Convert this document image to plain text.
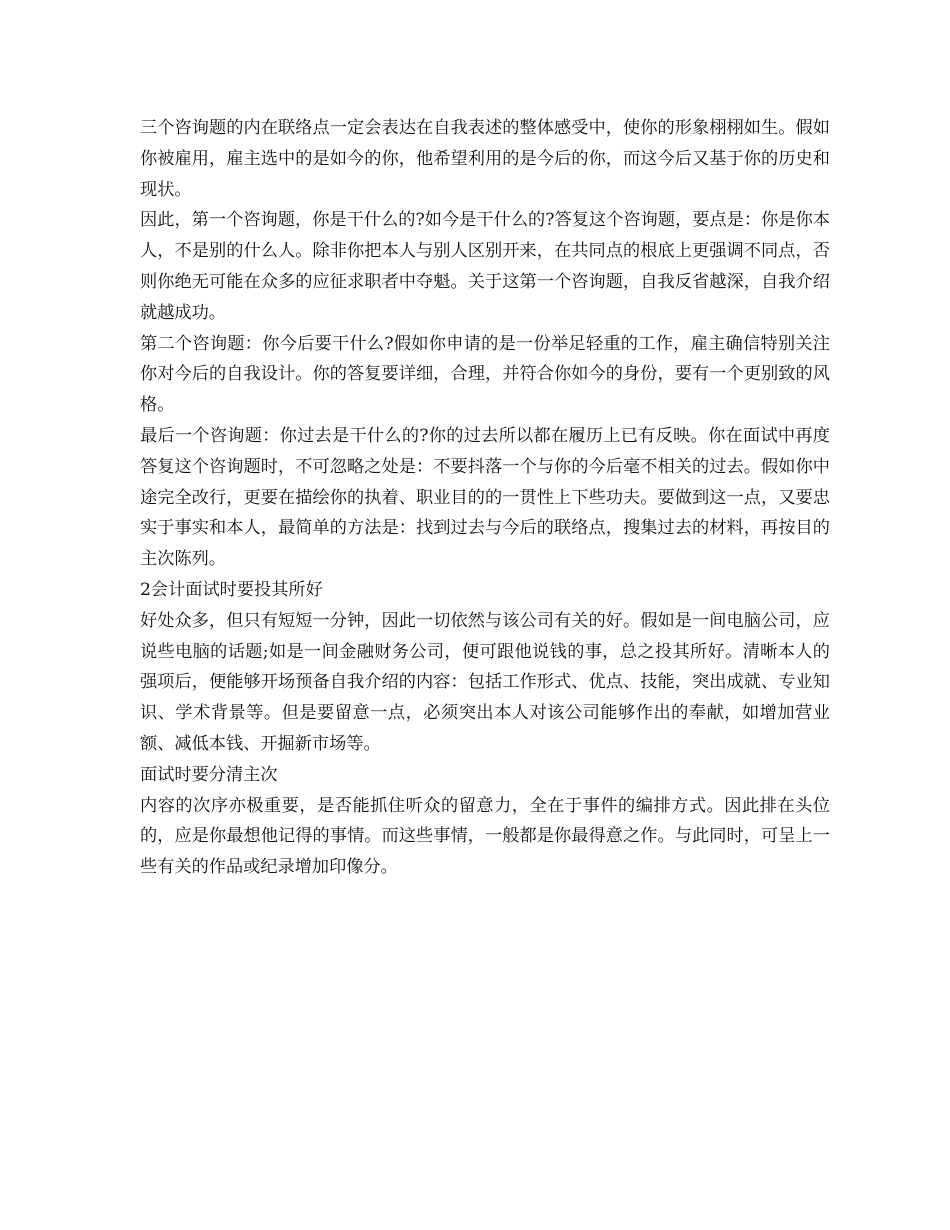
三个咨询题的内在联络点一定会表达在自我表述的整体感受中，使你的形象栩栩如生。假如你被雇用，雇主选中的是如今的你，他希望利用的是今后的你，而这今后又基于你的历史和现状。

因此，第一个咨询题，你是干什么的?如今是干什么的?答复这个咨询题，要点是：你是你本人，不是别的什么人。除非你把本人与别人区别开来，在共同点的根底上更强调不同点，否则你绝无可能在众多的应征求职者中夺魁。关于这第一个咨询题，自我反省越深，自我介绍就越成功。

第二个咨询题：你今后要干什么?假如你申请的是一份举足轻重的工作，雇主确信特别关注你对今后的自我设计。你的答复要详细，合理，并符合你如今的身份，要有一个更别致的风格。

最后一个咨询题：你过去是干什么的?你的过去所以都在履历上已有反映。你在面试中再度答复这个咨询题时，不可忽略之处是：不要抖落一个与你的今后毫不相关的过去。假如你中途完全改行，更要在描绘你的执着、职业目的的一贯性上下些功夫。要做到这一点，又要忠实于事实和本人，最简单的方法是：找到过去与今后的联络点，搜集过去的材料，再按目的主次陈列。

2会计面试时要投其所好

好处众多，但只有短短一分钟，因此一切依然与该公司有关的好。假如是一间电脑公司，应说些电脑的话题;如是一间金融财务公司，便可跟他说钱的事，总之投其所好。清晰本人的强项后，便能够开场预备自我介绍的内容：包括工作形式、优点、技能，突出成就、专业知识、学术背景等。但是要留意一点，必须突出本人对该公司能够作出的奉献，如增加营业额、减低本钱、开掘新市场等。

面试时要分清主次

内容的次序亦极重要，是否能抓住听众的留意力，全在于事件的编排方式。因此排在头位的，应是你最想他记得的事情。而这些事情，一般都是你最得意之作。与此同时，可呈上一些有关的作品或纪录增加印像分。
